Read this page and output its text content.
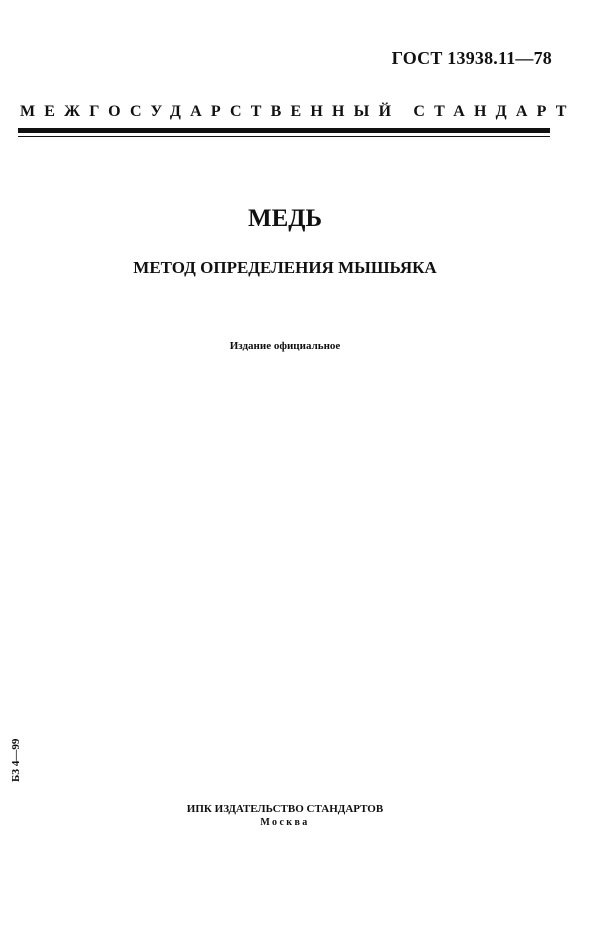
ГОСТ 13938.11—78
МЕЖГОСУДАРСТВЕННЫЙ СТАНДАРТ
МЕДЬ
МЕТОД ОПРЕДЕЛЕНИЯ МЫШЬЯКА
Издание официальное
БЗ 4—99
ИПК ИЗДАТЕЛЬСТВО СТАНДАРТОВ
Москва
